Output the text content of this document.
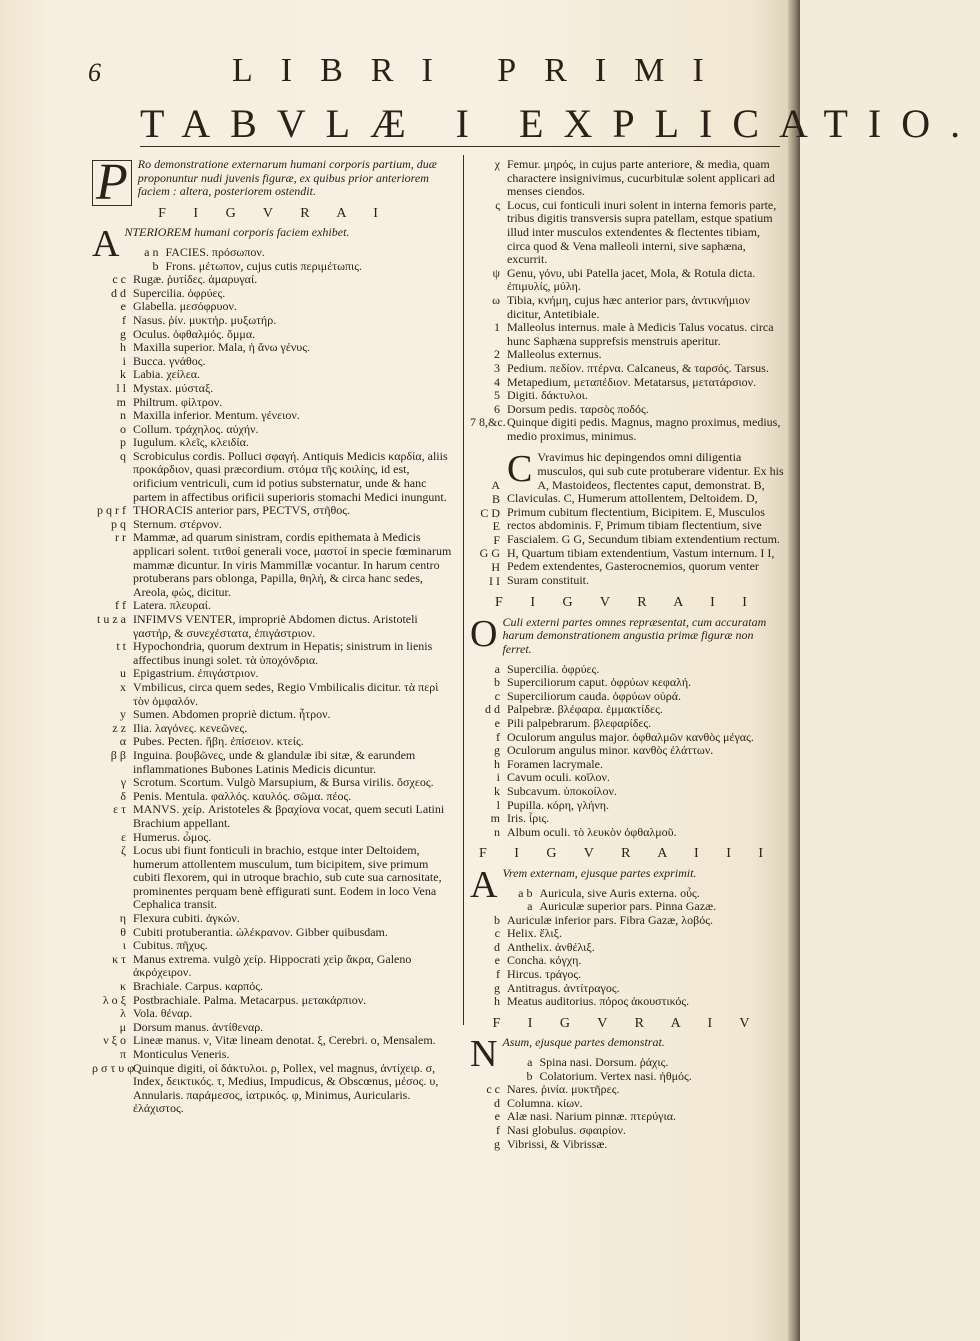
6	LIBRI PRIMI
TABVLÆ I EXPLICATIO.
P Ro demonstratione externarum humani corporis partium, duæ proponuntur nudi juvenis figuræ, ex quibus prior anteriorem faciem : altera, posteriorem ostendit.
F I G V R A I
ANTERIOREM humani corporis faciem exhibet.
a n FACIES. πρόσωπον.
b Frons. μέτωπον, cujus cutis περιμέτωπις.
c c Rugæ. ῥυτίδες. ἀμαρυγαί.
d d Supercilia. ὀφρύες.
e Glabella. μεσόφρυον.
f Nasus. ῥίν. μυκτήρ. μυξωτήρ.
g Oculus. ὀφθαλμός. ὄμμα.
h Maxilla superior. Mala, ἡ ἄνω γένυς.
i Bucca. γνάθος.
k Labia. χείλεα.
l l Mystax. μύσταξ.
m Philtrum. φίλτρον.
n Maxilla inferior. Mentum. γένειον.
o Collum. τράχηλος. αὐχήν.
p Iugulum. κλεῖς, κλειδία.
q Scrobiculus cordis. Polluci σφαγή. Antiquis Medicis καρδία, aliis προκάρδιον, quasi præcordium. στόμα τῆς κοιλίης, id est, orificium ventriculi, cum id potius substernatur, unde & hanc partem in affectibus orificii superioris stomachi Medici inungunt.
p q r f THORACIS anterior pars, PECTVS, στῆθος.
p q Sternum. στέρνον.
r r Mammæ, ad quarum sinistram, cordis epithemata à Medicis applicari solent. τιτθοί generali voce, μαστοί in specie fœminarum mammæ dicuntur. In viris Mammillæ vocantur. In harum centro protuberans pars oblonga, Papilla, θηλή, & circa hanc sedes, Areola, φώς, dicitur.
f f Latera. πλευραί.
t u z a INFIMVS VENTER, impropriè Abdomen dictus. Aristoteli γαστήρ, & συνεχέστατα, ἐπιγάστριον.
t t Hypochondria, quorum dextrum in Hepatis; sinistrum in lienis affectibus inungi solet. τὰ ὑποχόνδρια.
u Epigastrium. ἐπιγάστριον.
x Vmbilicus, circa quem sedes, Regio Vmbilicalis dicitur. τὰ περὶ τὸν ὀμφαλόν.
y Sumen. Abdomen propriè dictum. ἦτρον.
z z Ilia. λαγόνες. κενεῶνες.
α Pubes. Pecten. ἥβη. ἐπίσειον. κτείς.
β β Inguina. βουβῶνες, unde & glandulæ ibi sitæ, & earundem inflammationes Bubones Latinis Medicis dicuntur.
γ Scrotum. Scortum. Vulgò Marsupium, & Bursa virilis. ὄσχεος.
δ Penis. Mentula. φαλλός. καυλός. σῶμα. πέος.
ε τ MANVS. χείρ. Aristoteles & βραχίονα vocat, quem secuti Latini Brachium appellant.
ε Humerus. ὦμος.
ζ Locus ubi fiunt fonticuli in brachio, estque inter Deltoidem, humerum attollentem musculum, tum bicipitem, sive primum cubiti flexorem, qui in utroque brachio, sub cute sua carnositate, prominentes perquam benè effigurati sunt. Eodem in loco Vena Cephalica transit.
η Flexura cubiti. ἀγκών.
θ Cubiti protuberantia. ὠλέκρανον. Gibber quibusdam.
ι Cubitus. πῆχυς.
κ τ Manus extrema. vulgò χείρ. Hippocrati χεὶρ ἄκρα, Galeno ἀκρόχειρον.
κ Brachiale. Carpus. καρπός.
λ ο ξ Postbrachiale. Palma. Metacarpus. μετακάρπιον.
λ Vola. θέναρ.
μ Dorsum manus. ἀντίθεναρ.
ν ξ ο Lineæ manus. ν, Vitæ lineam denotat. ξ, Cerebri. ο, Mensalem.
π Monticulus Veneris.
ρ σ τ υ φ
Quinque digiti, οἱ δάκτυλοι. ρ, Pollex, vel magnus, ἀντίχειρ. σ, Index, δεικτικός. τ, Medius, Impudicus, & Obscœnus, μέσος. υ, Annularis. παράμεσος, ἰατρικός. φ, Minimus, Auricularis. ἐλάχιστος.
χ Femur. μηρός, in cujus parte anteriore, & media, quam charactere insignivimus, cucurbitulæ solent applicari ad menses ciendos.
ς Locus, cui fonticuli inuri solent in interna femoris parte, tribus digitis transversis supra patellam, estque spatium illud inter musculos extendentes & flectentes tibiam, circa quod & Vena malleoli interni, sive saphæna, excurrit.
ψ Genu, γόνυ, ubi Patella jacet, Mola, & Rotula dicta. ἐπιμυλίς, μύλη.
ω Tibia, κνήμη, cujus hæc anterior pars, ἀντικνήμιον dicitur, Antetibiale.
1 Malleolus internus. male à Medicis Talus vocatus. circa hunc Saphæna supprefsis menstruis aperitur.
2 Malleolus externus.
3 Pedium. πεδίον. πτέρνα. Calcaneus, & ταρσός. Tarsus.
4 Metapedium, μεταπέδιον. Metatarsus, μετατάρσιον.
5 Digiti. δάκτυλοι.
6 Dorsum pedis. ταρσὸς ποδός.
7 8,&c. Quinque digiti pedis. Magnus, magno proximus, medius, medio proximus, minimus.
A
B
C D
E
F
G G
H
I I
C Vravimus hic depingendos omni diligentia musculos, qui sub cute protuberare videntur. Ex his A, Mastoideos, flectentes caput, demonstrat. B, Claviculas. C, Humerum attollentem, Deltoidem. D, Primum cubitum flectentium, Bicipitem. E, Musculos rectos abdominis. F, Primum tibiam flectentium, sive Fascialem. G G, Secundum tibiam extendentium rectum. H, Quartum tibiam extendentium, Vastum internum. I I, Pedem extendentes, Gasterocnemios, quorum venter Suram constituit.
F I G V R A I I
O Culi externi partes omnes repræsentat, cum accuratam harum demonstrationem angustia primæ figuræ non ferret.
a Supercilia. ὀφρύες.
b Superciliorum caput. ὀφρύων κεφαλή.
c Superciliorum cauda. ὀφρύων οὐρά.
d d Palpebræ. βλέφαρα. ἐμμακτίδες.
e Pili palpebrarum. βλεφαρίδες.
f Oculorum angulus major. ὀφθαλμῶν κανθὸς μέγας.
g Oculorum angulus minor. κανθὸς ἐλάττων.
h Foramen lacrymale.
i Cavum oculi. κοῖλον.
k Subcavum. ὑποκοίλον.
l Pupilla. κόρη, γλήνη.
m Iris. ἶρις.
n Album oculi. τὸ λευκὸν ὀφθαλμοῦ.
F I G V R A I I I
A Vrem externam, ejusque partes exprimit.
a b Auricula, sive Auris externa. οὖς.
a Auriculæ superior pars. Pinna Gazæ.
b Auriculæ inferior pars. Fibra Gazæ, λοβός.
c Helix. ἕλιξ.
d Anthelix. ἀνθέλιξ.
e Concha. κόγχη.
f Hircus. τράγος.
g Antitragus. ἀντίτραγος.
h Meatus auditorius. πόρος ἀκουστικός.
F I G V R A I V
N Asum, ejusque partes demonstrat.
a Spina nasi. Dorsum. ῥάχις.
b Colatorium. Vertex nasi. ἠθμός.
c c Nares. ῥινία. μυκτῆρες.
d Columna. κίων.
e Alæ nasi. Narium pinnæ. πτερύγια.
f Nasi globulus. σφαιρίον.
g Vibrissi, & Vibrissæ.
